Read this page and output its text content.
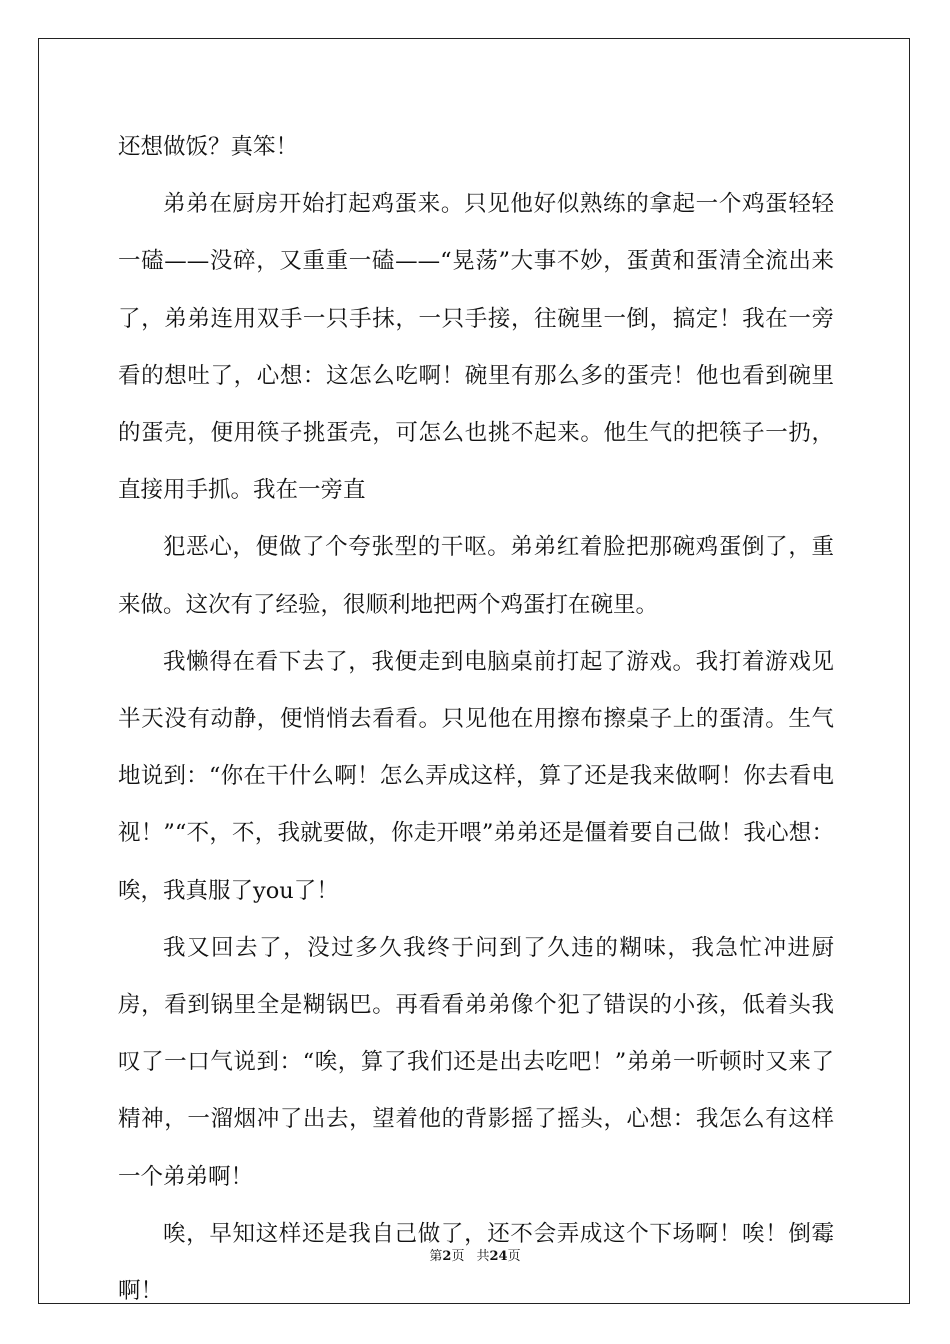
还想做饭？真笨！

弟弟在厨房开始打起鸡蛋来。只见他好似熟练的拿起一个鸡蛋轻轻一磕——没碎，又重重一磕——“晃荡”大事不妙，蛋黄和蛋清全流出来了，弟弟连用双手一只手抹，一只手接，往碗里一倒，搞定！我在一旁看的想吐了，心想：这怎么吃啊！碗里有那么多的蛋壳！他也看到碗里的蛋壳，便用筷子挑蛋壳，可怎么也挑不起来。他生气的把筷子一扔，直接用手抓。我在一旁直

犯恶心，便做了个夸张型的干呕。弟弟红着脸把那碗鸡蛋倒了，重来做。这次有了经验，很顺利地把两个鸡蛋打在碗里。

我懒得在看下去了，我便走到电脑桌前打起了游戏。我打着游戏见半天没有动静，便悄悄去看看。只见他在用擦布擦桌子上的蛋清。生气地说到：“你在干什么啊！怎么弄成这样，算了还是我来做啊！你去看电视！”“不，不，我就要做，你走开喂”弟弟还是僵着要自己做！我心想：唉，我真服了you了！

我又回去了，没过多久我终于问到了久违的糊味，我急忙冲进厨房，看到锅里全是糊锅巴。再看看弟弟像个犯了错误的小孩，低着头我叹了一口气说到：“唉，算了我们还是出去吃吧！”弟弟一听顿时又来了精神，一溜烟冲了出去，望着他的背影摇了摇头，心想：我怎么有这样一个弟弟啊！

唉，早知这样还是我自己做了，还不会弄成这个下场啊！唉！倒霉啊！

第2页 共24页
